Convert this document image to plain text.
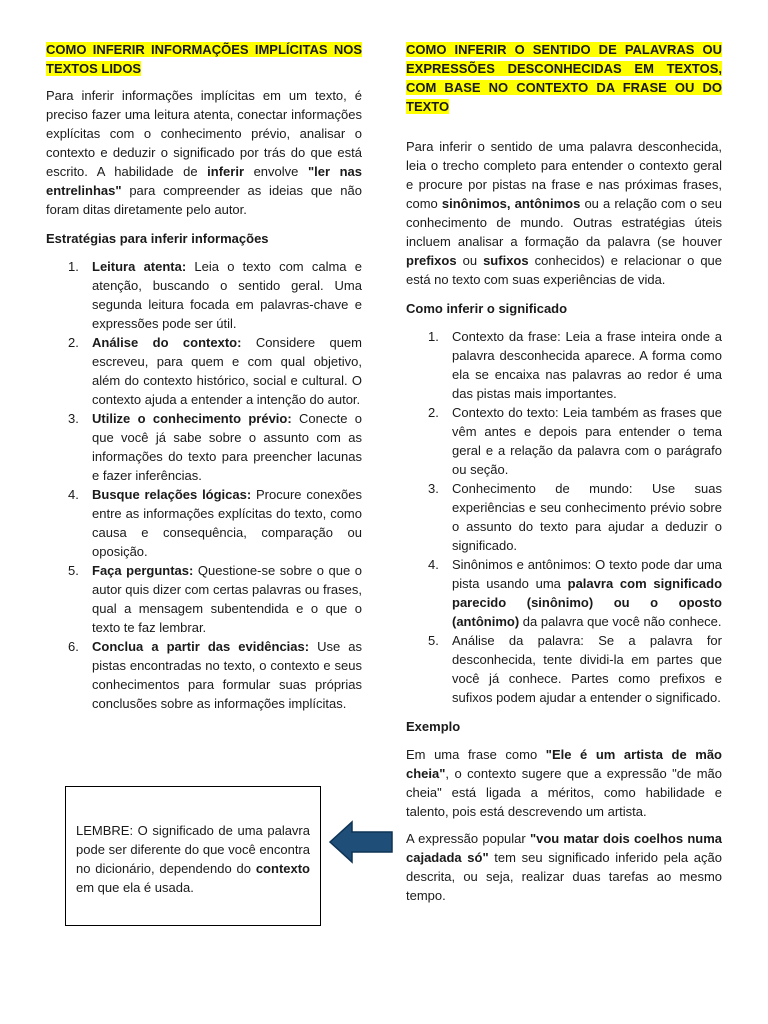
COMO INFERIR INFORMAÇÕES IMPLÍCITAS NOS TEXTOS LIDOS

Para inferir informações implícitas em um texto, é preciso fazer uma leitura atenta, conectar informações explícitas com o conhecimento prévio, analisar o contexto e deduzir o significado por trás do que está escrito. A habilidade de inferir envolve "ler nas entrelinhas" para compreender as ideias que não foram ditas diretamente pelo autor.

Estratégias para inferir informações
1. Leitura atenta: Leia o texto com calma e atenção, buscando o sentido geral. Uma segunda leitura focada em palavras-chave e expressões pode ser útil.
2. Análise do contexto: Considere quem escreveu, para quem e com qual objetivo, além do contexto histórico, social e cultural. O contexto ajuda a entender a intenção do autor.
3. Utilize o conhecimento prévio: Conecte o que você já sabe sobre o assunto com as informações do texto para preencher lacunas e fazer inferências.
4. Busque relações lógicas: Procure conexões entre as informações explícitas do texto, como causa e consequência, comparação ou oposição.
5. Faça perguntas: Questione-se sobre o que o autor quis dizer com certas palavras ou frases, qual a mensagem subentendida e o que o texto te faz lembrar.
6. Conclua a partir das evidências: Use as pistas encontradas no texto, o contexto e seus conhecimentos para formular suas próprias conclusões sobre as informações implícitas.
LEMBRE: O significado de uma palavra pode ser diferente do que você encontra no dicionário, dependendo do contexto em que ela é usada.
COMO INFERIR O SENTIDO DE PALAVRAS OU EXPRESSÕES DESCONHECIDAS EM TEXTOS, COM BASE NO CONTEXTO DA FRASE OU DO TEXTO

Para inferir o sentido de uma palavra desconhecida, leia o trecho completo para entender o contexto geral e procure por pistas na frase e nas próximas frases, como sinônimos, antônimos ou a relação com o seu conhecimento de mundo. Outras estratégias úteis incluem analisar a formação da palavra (se houver prefixos ou sufixos conhecidos) e relacionar o que está no texto com suas experiências de vida.

Como inferir o significado
1. Contexto da frase: Leia a frase inteira onde a palavra desconhecida aparece. A forma como ela se encaixa nas palavras ao redor é uma das pistas mais importantes.
2. Contexto do texto: Leia também as frases que vêm antes e depois para entender o tema geral e a relação da palavra com o parágrafo ou seção.
3. Conhecimento de mundo: Use suas experiências e seu conhecimento prévio sobre o assunto do texto para ajudar a deduzir o significado.
4. Sinônimos e antônimos: O texto pode dar uma pista usando uma palavra com significado parecido (sinônimo) ou o oposto (antônimo) da palavra que você não conhece.
5. Análise da palavra: Se a palavra for desconhecida, tente dividi-la em partes que você já conhece. Partes como prefixos e sufixos podem ajudar a entender o significado.
Exemplo

Em uma frase como "Ele é um artista de mão cheia", o contexto sugere que a expressão "de mão cheia" está ligada a méritos, como habilidade e talento, pois está descrevendo um artista.

A expressão popular "vou matar dois coelhos numa cajadada só" tem seu significado inferido pela ação descrita, ou seja, realizar duas tarefas ao mesmo tempo.
